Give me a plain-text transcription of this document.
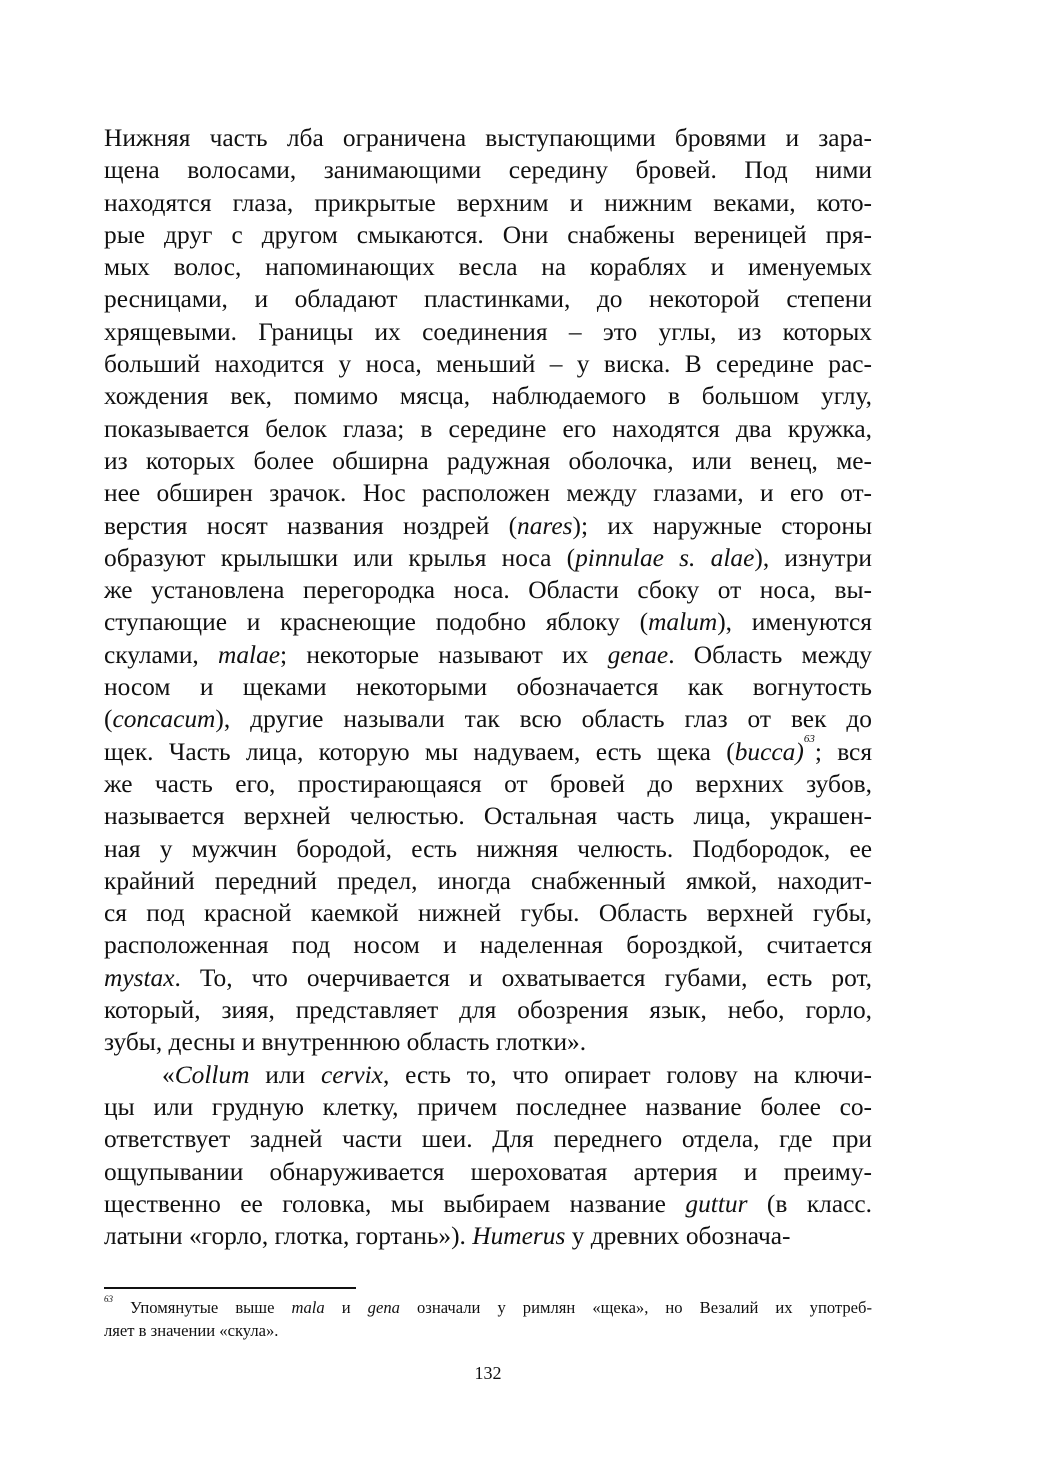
Нижняя часть лба ограничена выступающими бровями и зара-
щена волосами, занимающими середину бровей. Под ними
находятся глаза, прикрытые верхним и нижним веками, кото-
рые друг с другом смыкаются. Они снабжены вереницей пря-
мых волос, напоминающих весла на кораблях и именуемых
ресницами, и обладают пластинками, до некоторой степени
хрящевыми. Границы их соединения – это углы, из которых
больший находится у носа, меньший – у виска. В середине рас-
хождения век, помимо мясца, наблюдаемого в большом углу,
показывается белок глаза; в середине его находятся два кружка,
из которых более обширна радужная оболочка, или венец, ме-
нее обширен зрачок. Нос расположен между глазами, и его от-
верстия носят названия ноздрей (nares); их наружные стороны
образуют крылышки или крылья носа (pinnulae s. alae), изнутри
же установлена перегородка носа. Области сбоку от носа, вы-
ступающие и краснеющие подобно яблоку (malum), именуются
скулами, malae; некоторые называют их genae. Область между
носом и щеками некоторыми обозначается как вогнутость
(concacum), другие называли так всю область глаз от век до
щек. Часть лица, которую мы надуваем, есть щека (bucca)$^{63}$; вся
же часть его, простирающаяся от бровей до верхних зубов,
называется верхней челюстью. Остальная часть лица, украшен-
ная у мужчин бородой, есть нижняя челюсть. Подбородок, ее
крайний передний предел, иногда снабженный ямкой, находит-
ся под красной каемкой нижней губы. Область верхней губы,
расположенная под носом и наделенная бороздкой, считается
mystax. То, что очерчивается и охватывается губами, есть рот,
который, зияя, представляет для обозрения язык, небо, горло,
зубы, десны и внутреннюю область глотки».

«Collum или cervix, есть то, что опирает голову на ключи-
цы или грудную клетку, причем последнее название более со-
ответствует задней части шеи. Для переднего отдела, где при
ощупывании обнаруживается шероховатая артерия и преиму-
щественно ее головка, мы выбираем название guttur (в класс.
латыни «горло, глотка, гортань»). Humerus у древних обознача-

$^{63}$ Упомянутые выше mala и gena означали у римлян «щека», но Везалий их употреб-
ляет в значении «скула».
132
